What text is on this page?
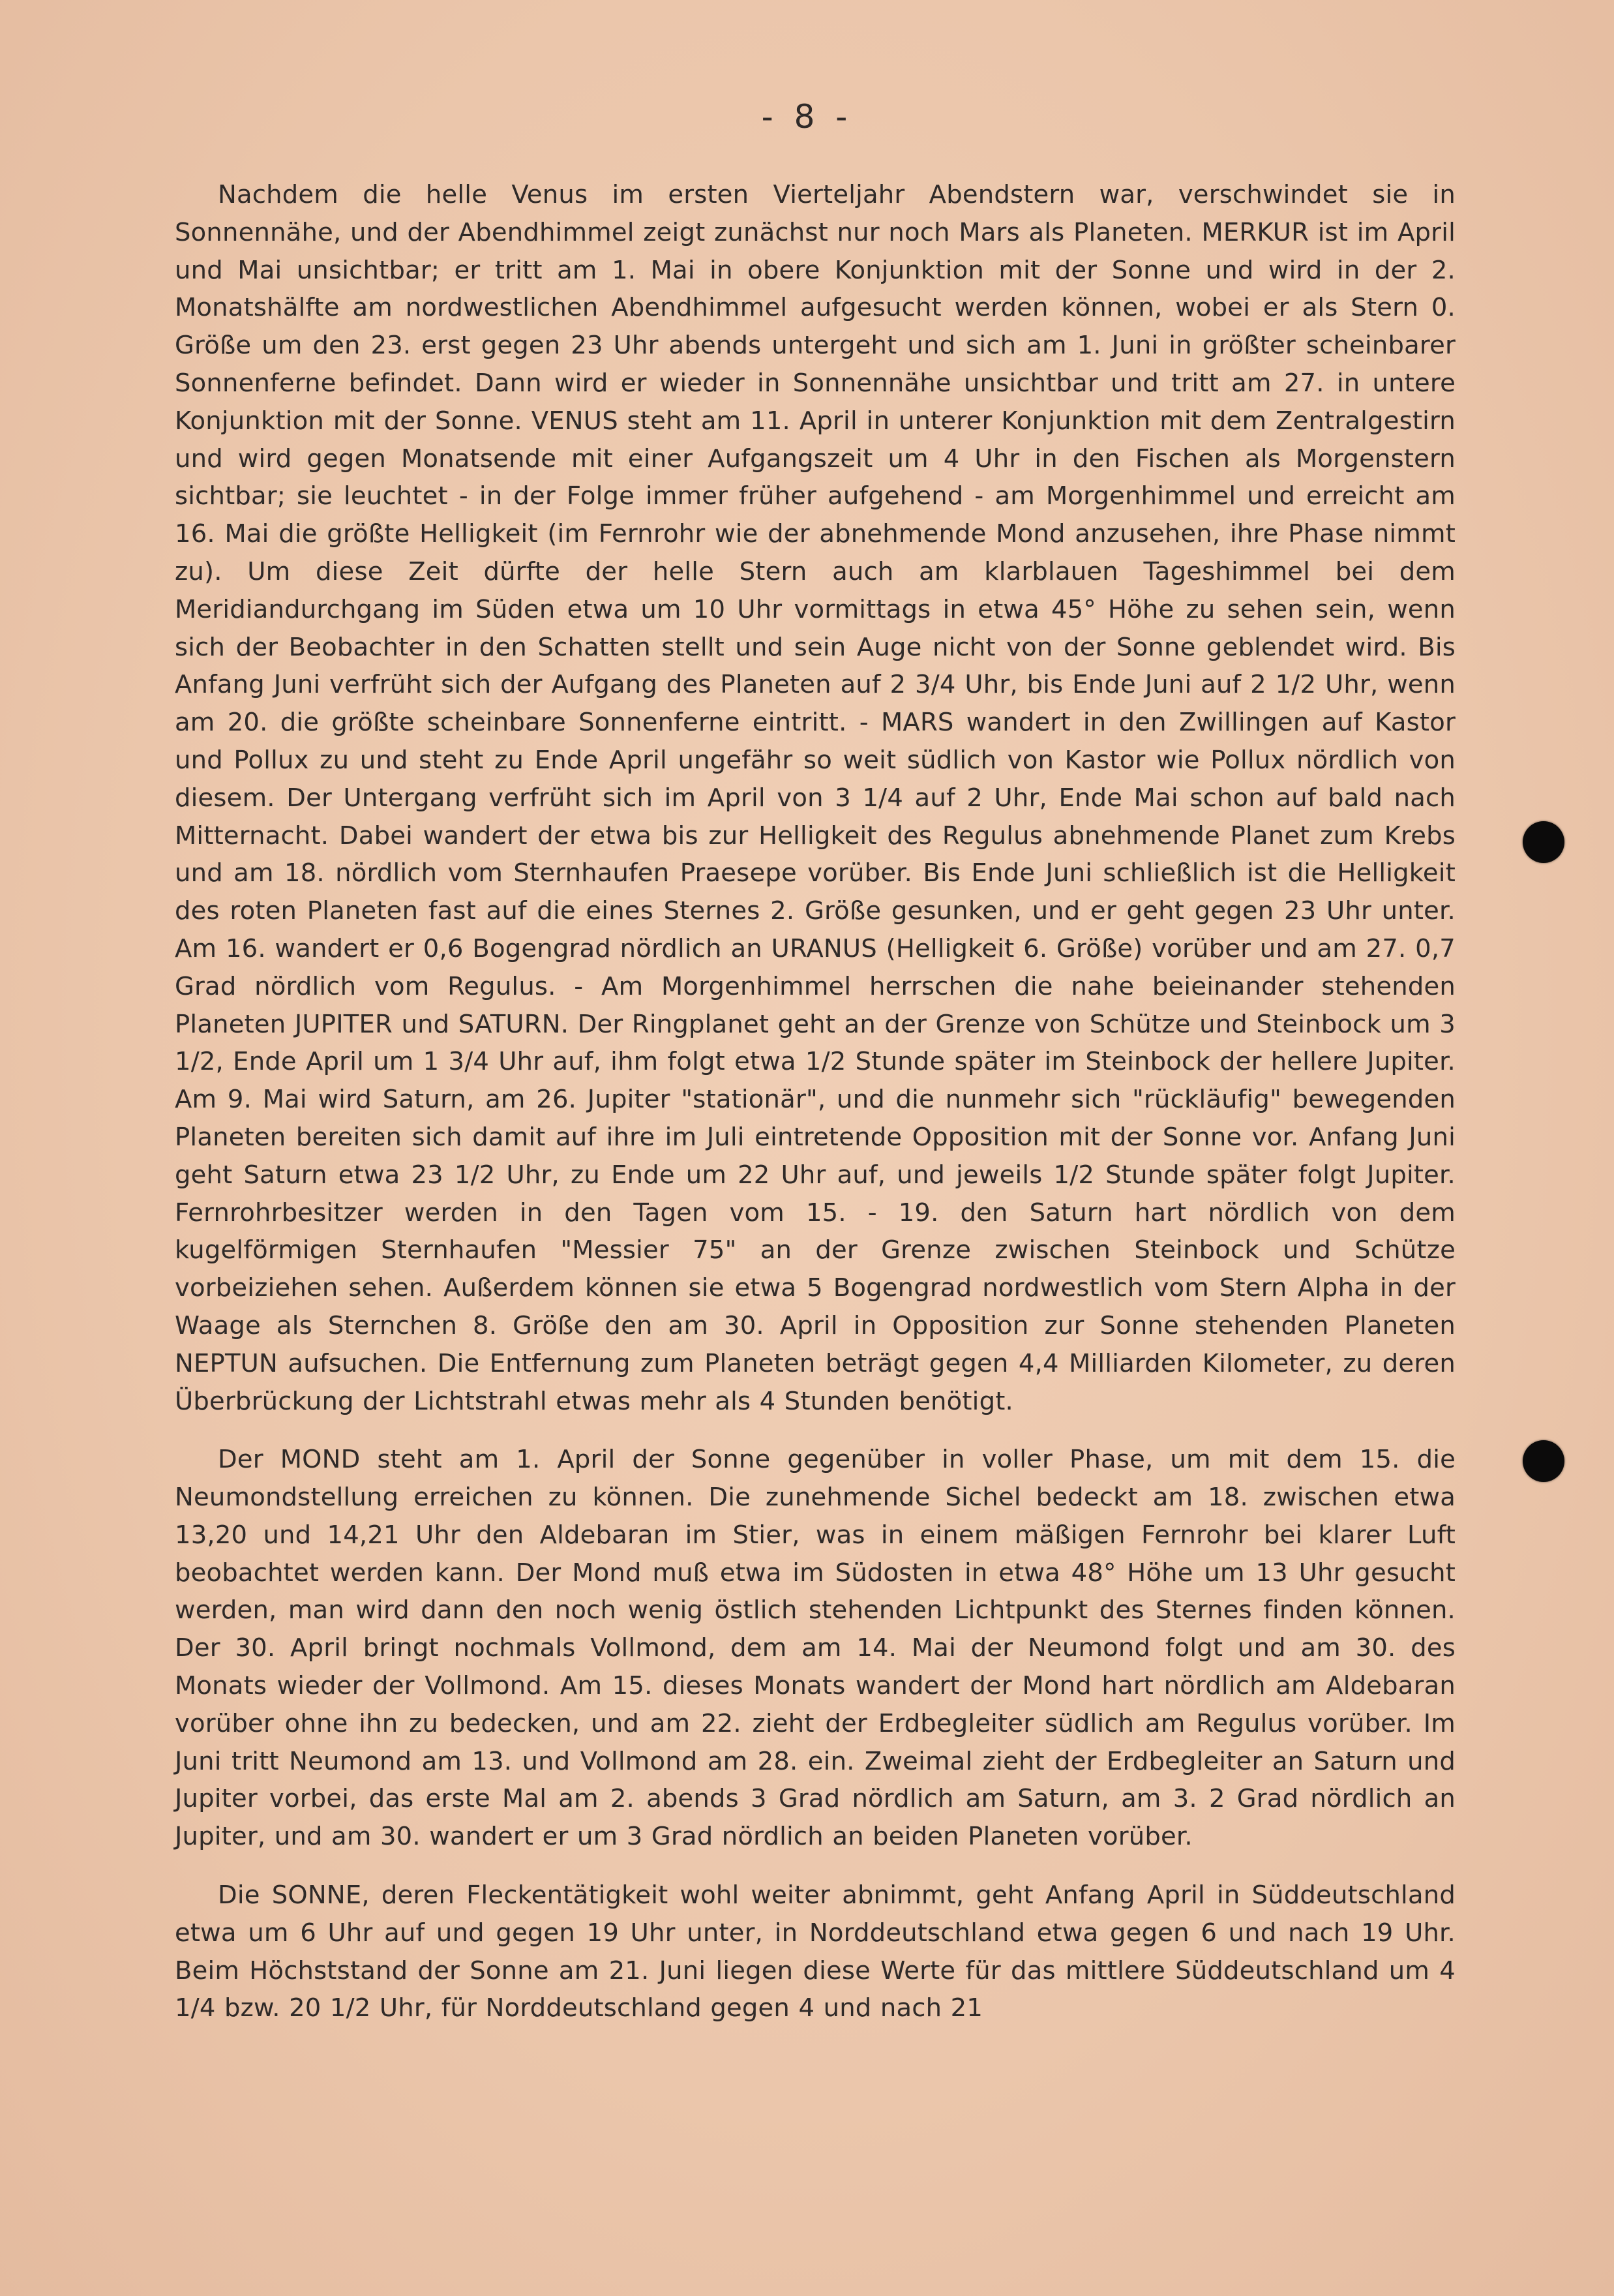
- 8 -

Nachdem die helle Venus im ersten Vierteljahr Abendstern war, verschwindet sie in Sonnennähe, und der Abendhimmel zeigt zunächst nur noch Mars als Planeten. MERKUR ist im April und Mai unsichtbar; er tritt am 1. Mai in obere Konjunktion mit der Sonne und wird in der 2. Monatshälfte am nordwestlichen Abendhimmel aufgesucht werden können, wobei er als Stern 0. Größe um den 23. erst gegen 23 Uhr abends untergeht und sich am 1. Juni in größter scheinbarer Sonnenferne befindet. Dann wird er wieder in Sonnennähe unsichtbar und tritt am 27. in untere Konjunktion mit der Sonne. VENUS steht am 11. April in unterer Konjunktion mit dem Zentralgestirn und wird gegen Monatsende mit einer Aufgangszeit um 4 Uhr in den Fischen als Morgenstern sichtbar; sie leuchtet - in der Folge immer früher aufgehend - am Morgenhimmel und erreicht am 16. Mai die größte Helligkeit (im Fernrohr wie der abnehmende Mond anzusehen, ihre Phase nimmt zu). Um diese Zeit dürfte der helle Stern auch am klarblauen Tageshimmel bei dem Meridiandurchgang im Süden etwa um 10 Uhr vormittags in etwa 45° Höhe zu sehen sein, wenn sich der Beobachter in den Schatten stellt und sein Auge nicht von der Sonne geblendet wird. Bis Anfang Juni verfrüht sich der Aufgang des Planeten auf 2 3/4 Uhr, bis Ende Juni auf 2 1/2 Uhr, wenn am 20. die größte scheinbare Sonnenferne eintritt. - MARS wandert in den Zwillingen auf Kastor und Pollux zu und steht zu Ende April ungefähr so weit südlich von Kastor wie Pollux nördlich von diesem. Der Untergang verfrüht sich im April von 3 1/4 auf 2 Uhr, Ende Mai schon auf bald nach Mitternacht. Dabei wandert der etwa bis zur Helligkeit des Regulus abnehmende Planet zum Krebs und am 18. nördlich vom Sternhaufen Praesepe vorüber. Bis Ende Juni schließlich ist die Helligkeit des roten Planeten fast auf die eines Sternes 2. Größe gesunken, und er geht gegen 23 Uhr unter. Am 16. wandert er 0,6 Bogengrad nördlich an URANUS (Helligkeit 6. Größe) vorüber und am 27. 0,7 Grad nördlich vom Regulus. - Am Morgenhimmel herrschen die nahe beieinander stehenden Planeten JUPITER und SATURN. Der Ringplanet geht an der Grenze von Schütze und Steinbock um 3 1/2, Ende April um 1 3/4 Uhr auf, ihm folgt etwa 1/2 Stunde später im Steinbock der hellere Jupiter. Am 9. Mai wird Saturn, am 26. Jupiter "stationär", und die nunmehr sich "rückläufig" bewegenden Planeten bereiten sich damit auf ihre im Juli eintretende Opposition mit der Sonne vor. Anfang Juni geht Saturn etwa 23 1/2 Uhr, zu Ende um 22 Uhr auf, und jeweils 1/2 Stunde später folgt Jupiter. Fernrohrbesitzer werden in den Tagen vom 15. - 19. den Saturn hart nördlich von dem kugelförmigen Sternhaufen "Messier 75" an der Grenze zwischen Steinbock und Schütze vorbeiziehen sehen. Außerdem können sie etwa 5 Bogengrad nordwestlich vom Stern Alpha in der Waage als Sternchen 8. Größe den am 30. April in Opposition zur Sonne stehenden Planeten NEPTUN aufsuchen. Die Entfernung zum Planeten beträgt gegen 4,4 Milliarden Kilometer, zu deren Überbrückung der Lichtstrahl etwas mehr als 4 Stunden benötigt.

Der MOND steht am 1. April der Sonne gegenüber in voller Phase, um mit dem 15. die Neumondstellung erreichen zu können. Die zunehmende Sichel bedeckt am 18. zwischen etwa 13,20 und 14,21 Uhr den Aldebaran im Stier, was in einem mäßigen Fernrohr bei klarer Luft beobachtet werden kann. Der Mond muß etwa im Südosten in etwa 48° Höhe um 13 Uhr gesucht werden, man wird dann den noch wenig östlich stehenden Lichtpunkt des Sternes finden können. Der 30. April bringt nochmals Vollmond, dem am 14. Mai der Neumond folgt und am 30. des Monats wieder der Vollmond. Am 15. dieses Monats wandert der Mond hart nördlich am Aldebaran vorüber ohne ihn zu bedecken, und am 22. zieht der Erdbegleiter südlich am Regulus vorüber. Im Juni tritt Neumond am 13. und Vollmond am 28. ein. Zweimal zieht der Erdbegleiter an Saturn und Jupiter vorbei, das erste Mal am 2. abends 3 Grad nördlich am Saturn, am 3. 2 Grad nördlich an Jupiter, und am 30. wandert er um 3 Grad nördlich an beiden Planeten vorüber.

Die SONNE, deren Fleckentätigkeit wohl weiter abnimmt, geht Anfang April in Süddeutschland etwa um 6 Uhr auf und gegen 19 Uhr unter, in Norddeutschland etwa gegen 6 und nach 19 Uhr. Beim Höchststand der Sonne am 21. Juni liegen diese Werte für das mittlere Süddeutschland um 4 1/4 bzw. 20 1/2 Uhr, für Norddeutschland gegen 4 und nach 21
